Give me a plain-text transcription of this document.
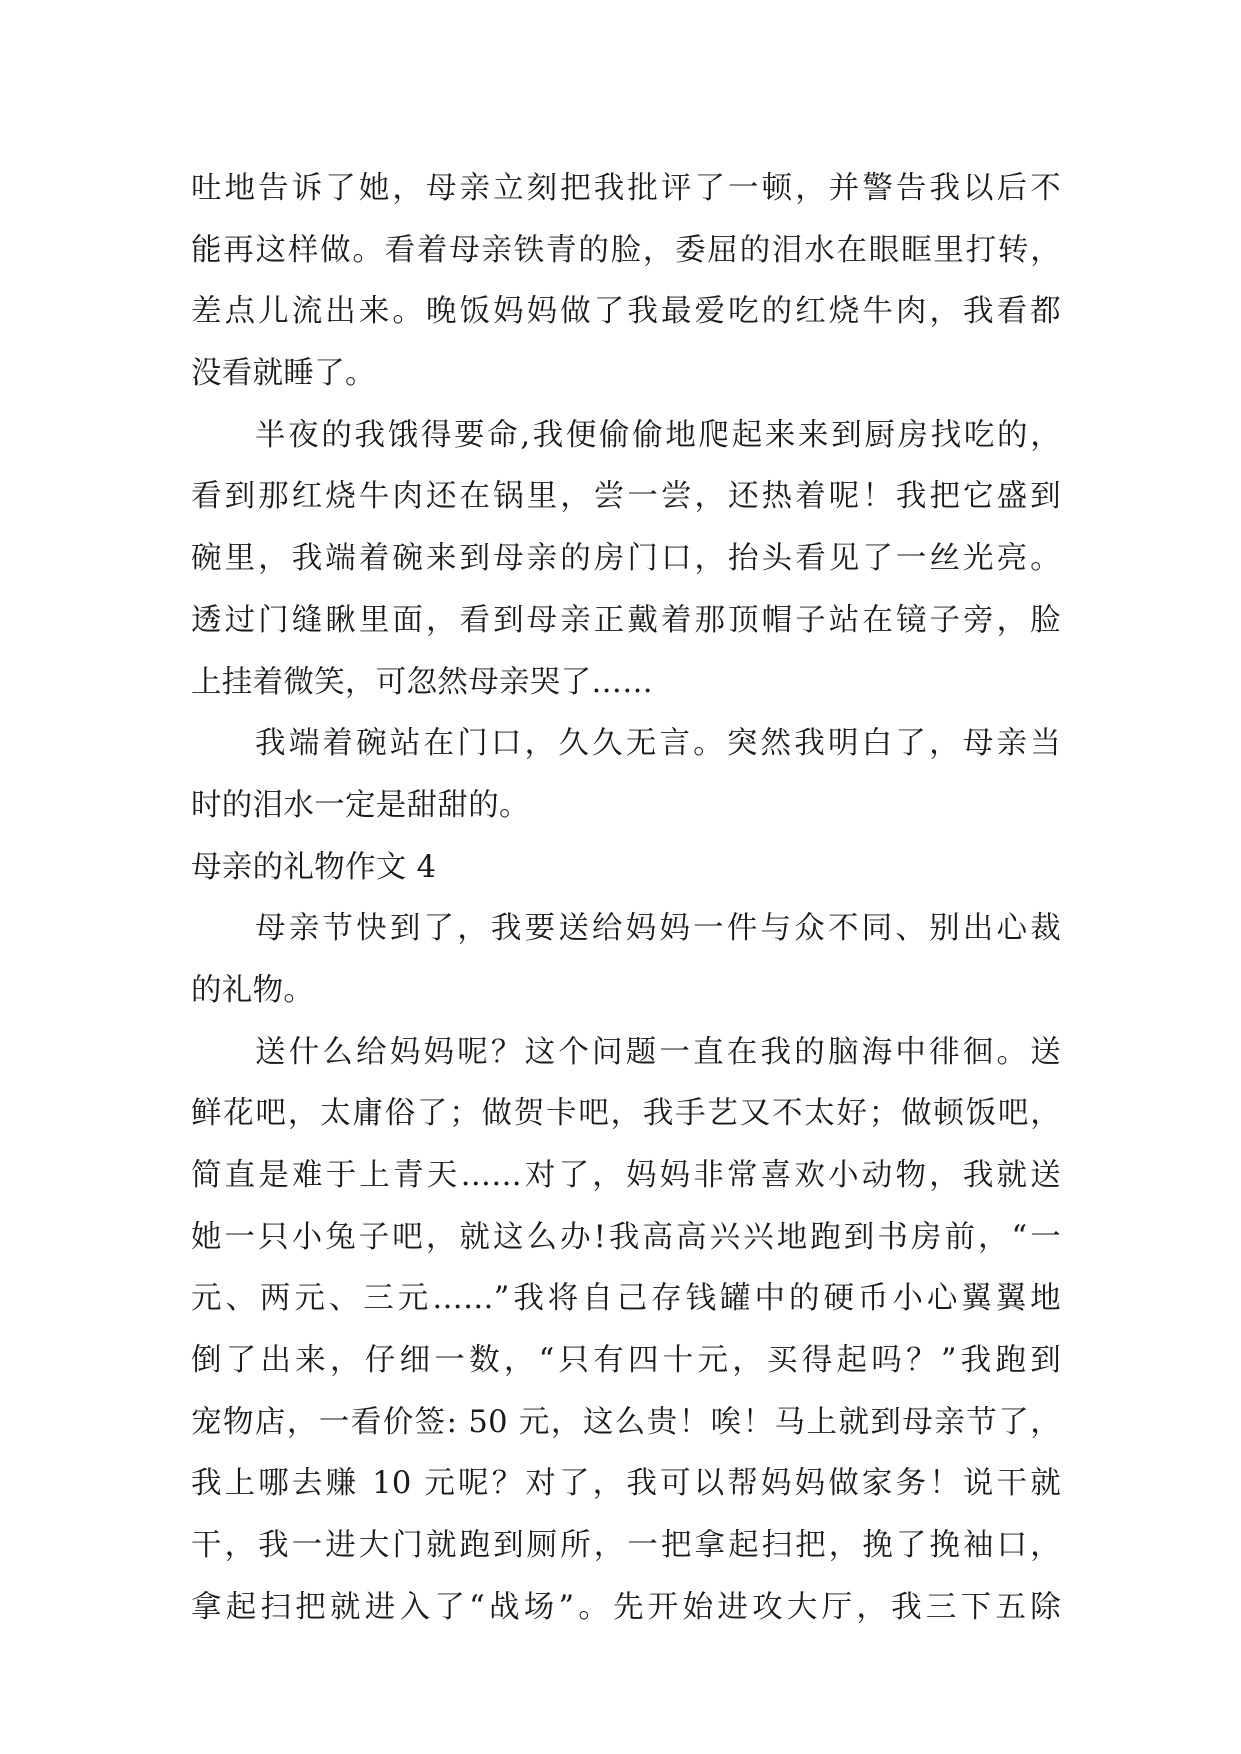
吐地告诉了她，母亲立刻把我批评了一顿，并警告我以后不
能再这样做。看着母亲铁青的脸，委屈的泪水在眼眶里打转，
差点儿流出来。晚饭妈妈做了我最爱吃的红烧牛肉，我看都
没看就睡了。
半夜的我饿得要命,我便偷偷地爬起来来到厨房找吃的，
看到那红烧牛肉还在锅里，尝一尝，还热着呢！我把它盛到
碗里，我端着碗来到母亲的房门口，抬头看见了一丝光亮。
透过门缝瞅里面，看到母亲正戴着那顶帽子站在镜子旁，脸
上挂着微笑，可忽然母亲哭了……
我端着碗站在门口，久久无言。突然我明白了，母亲当
时的泪水一定是甜甜的。
母亲的礼物作文 4
母亲节快到了，我要送给妈妈一件与众不同、别出心裁
的礼物。
送什么给妈妈呢？这个问题一直在我的脑海中徘徊。送
鲜花吧，太庸俗了；做贺卡吧，我手艺又不太好；做顿饭吧，
简直是难于上青天……对了，妈妈非常喜欢小动物，我就送
她一只小兔子吧，就这么办!我高高兴兴地跑到书房前，“一
元、两元、三元……”我将自己存钱罐中的硬币小心翼翼地
倒了出来，仔细一数，“只有四十元，买得起吗？”我跑到
宠物店，一看价签: 50 元，这么贵！唉！马上就到母亲节了，
我上哪去赚 10 元呢？对了，我可以帮妈妈做家务！说干就
干，我一进大门就跑到厕所，一把拿起扫把，挽了挽袖口，
拿起扫把就进入了“战场”。先开始进攻大厅，我三下五除
